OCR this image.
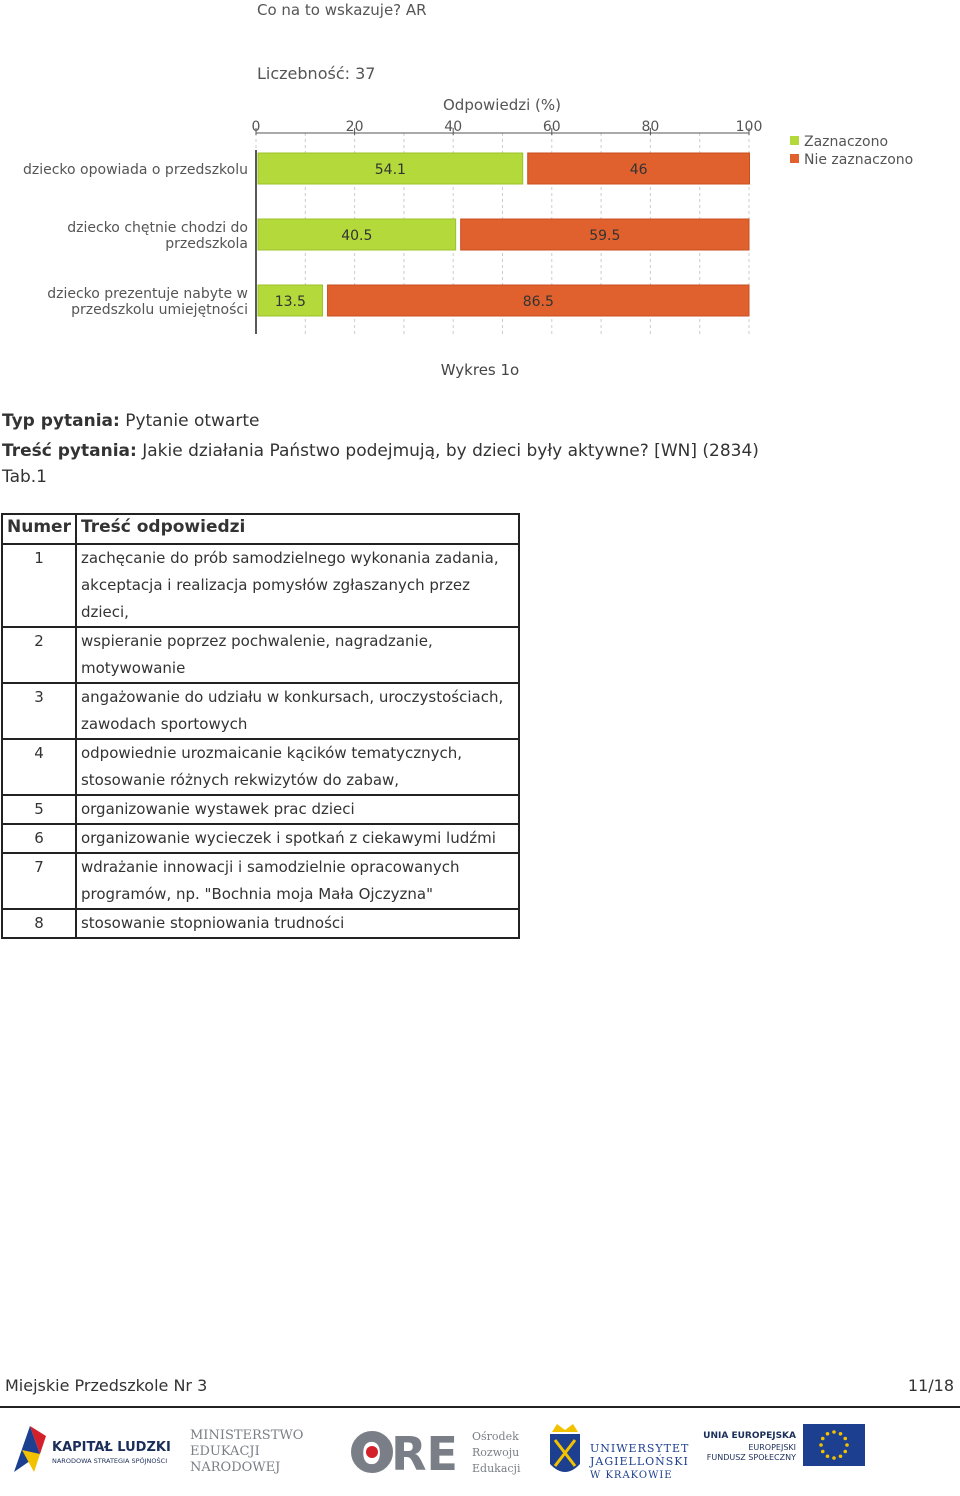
Co na to wskazuje? AR
Liczebność: 37
Odpowiedzi (%)
0	20	40	60	80	100
54.1	46
40.5	59.5
13.5	86.5
dziecko opowiada o przedszkolu
dziecko chętnie chodzi do
przedszkola
dziecko prezentuje nabyte w
przedszkolu umiejętności
Zaznaczono
Nie zaznaczono
Wykres 1o
Typ pytania: Pytanie otwarte
Treść pytania: Jakie działania Państwo podejmują, by dzieci były aktywne? [WN] (2834)
Tab.1
Numer	Treść odpowiedzi
1	zachęcanie do prób samodzielnego wykonania zadania,
akceptacja i realizacja pomysłów zgłaszanych przez
dzieci,

2	wspieranie poprzez pochwalenie, nagradzanie,
motywowanie

3	angażowanie do udziału w konkursach, uroczystościach,
zawodach sportowych

4	odpowiednie urozmaicanie kącików tematycznych,
stosowanie różnych rekwizytów do zabaw,

5	organizowanie wystawek prac dzieci

6	organizowanie wycieczek i spotkań z ciekawymi ludźmi

7	wdrażanie innowacji i samodzielnie opracowanych
programów, np. "Bochnia moja Mała Ojczyzna"

8	stosowanie stopniowania trudności
Miejskie Przedszkole Nr 3	11/18
KAPITAŁ LUDZKI
NARODOWA STRATEGIA SPÓJNOŚCI
MINISTERSTWO
EDUKACJI
NARODOWEJ ORE Ośrodek
Rozwoju
Edukacji
UNIWERSYTET
JAGIELLOŃSKI
W KRAKOWIE
UNIA EUROPEJSKA
EUROPEJSKI
FUNDUSZ SPOŁECZNY
